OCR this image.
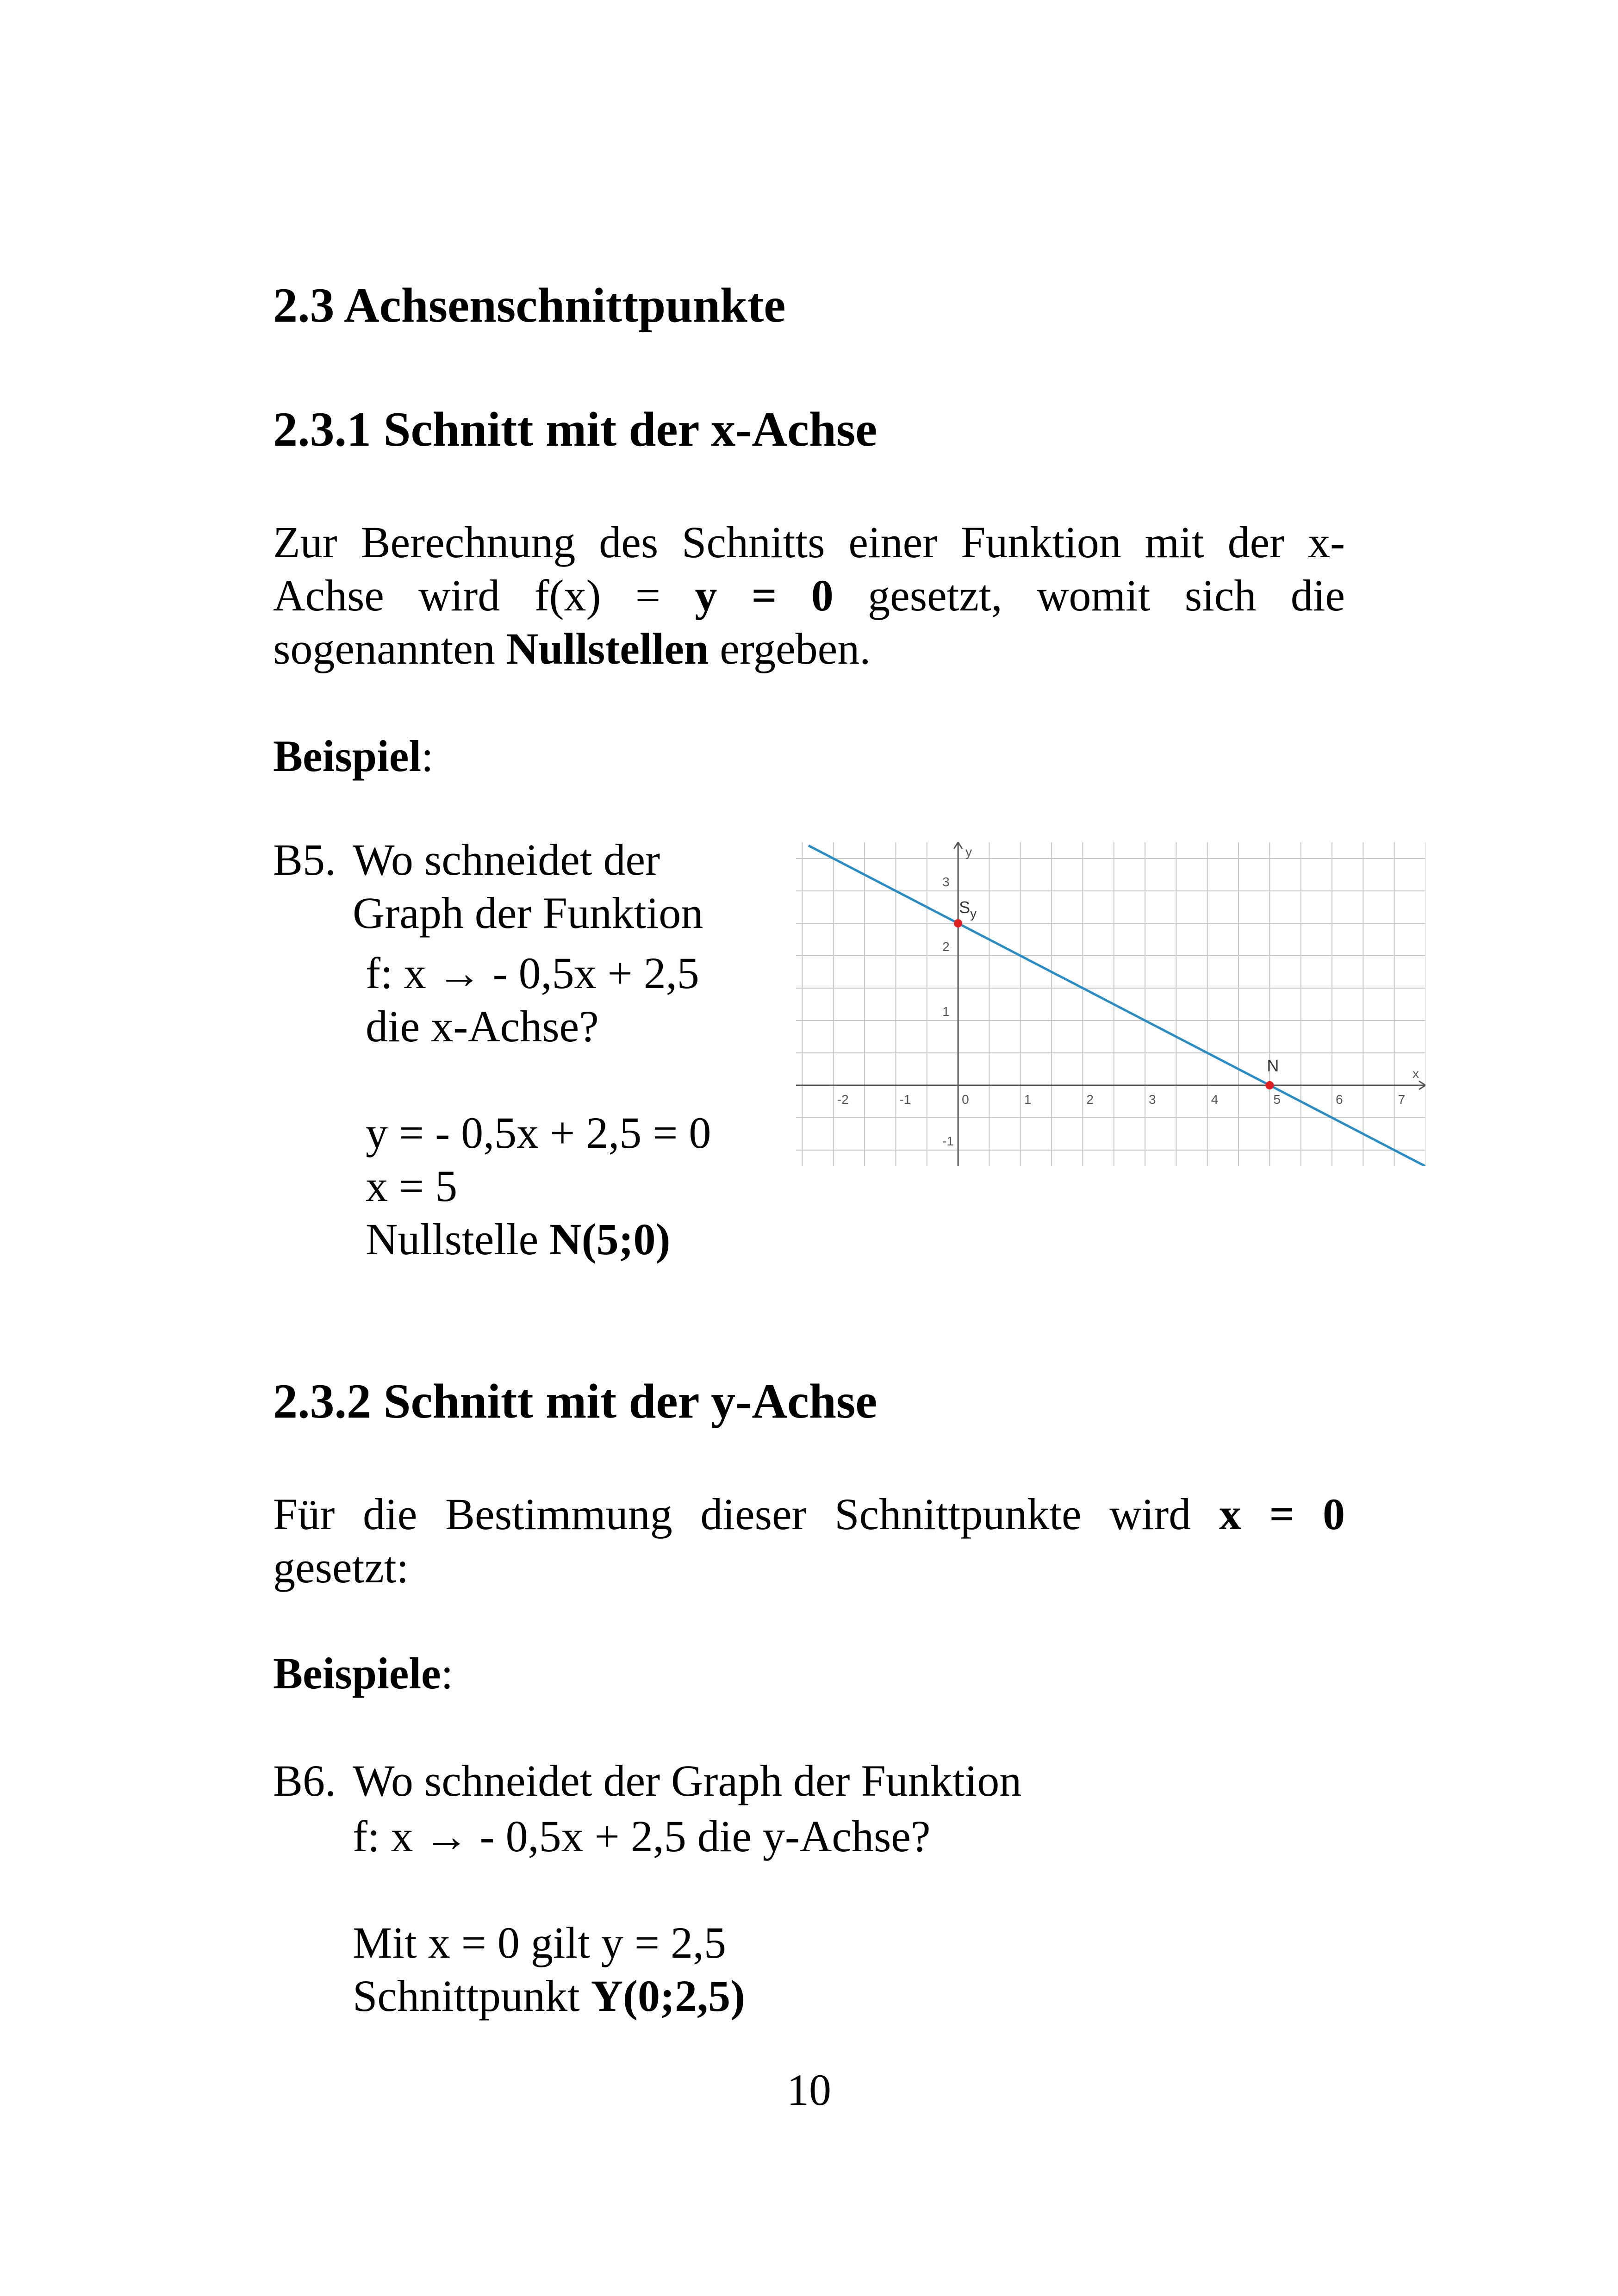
2.3 Achsenschnittpunkte
2.3.1 Schnitt mit der x-Achse

Zur Berechnung des Schnitts einer Funktion mit der x-Achse wird f(x) = y = 0 gesetzt, womit sich die sogenannten Nullstellen ergeben.

Beispiel:
B5. Wo schneidet der
Graph der Funktion
f: x → - 0,5x + 2,5
die x-Achse?
y = - 0,5x + 2,5 = 0
x = 5
Nullstelle N(5;0)
x
y
-2	-1	0	1	2	3	4	5	6	7
-1
1
2
3
$S_y$
N
2.3.2 Schnitt mit der y-Achse

Für die Bestimmung dieser Schnittpunkte wird x = 0 gesetzt:

Beispiele:
B6. Wo schneidet der Graph der Funktion
f: x → - 0,5x + 2,5 die y-Achse?
Mit x = 0 gilt y = 2,5
Schnittpunkt Y(0;2,5)
10
